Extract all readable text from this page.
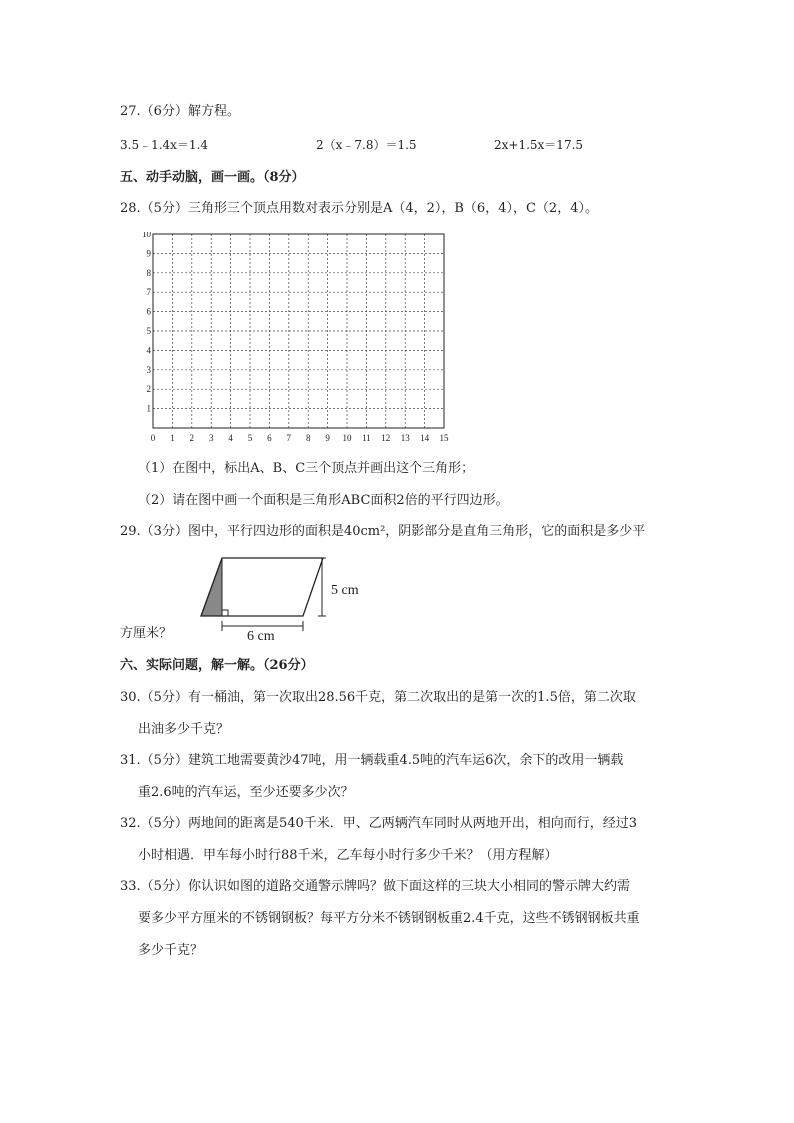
27.（6分）解方程。
3.5﹣1.4x＝1.4	2（x﹣7.8）＝1.5	2x+1.5x＝17.5
五、动手动脑，画一画。（8分）
28.（5分）三角形三个顶点用数对表示分别是A（4，2），B（6，4），C（2，4）。
0 1 2 3 4 5 6 7 8 9 10 11 12 13 14 15
1
2
3
4
5
6
7
8
9
10
（1）在图中，标出A、B、C三个顶点并画出这个三角形；
（2）请在图中画一个面积是三角形ABC面积2倍的平行四边形。
29.（3分）图中，平行四边形的面积是40cm²，阴影部分是直角三角形，它的面积是多少平
5 cm
6 cm
方厘米？
六、实际问题，解一解。（26分）
30.（5分）有一桶油，第一次取出28.56千克，第二次取出的是第一次的1.5倍，第二次取
出油多少千克？
31.（5分）建筑工地需要黄沙47吨，用一辆载重4.5吨的汽车运6次，余下的改用一辆载
重2.6吨的汽车运，至少还要多少次？
32.（5分）两地间的距离是540千米．甲、乙两辆汽车同时从两地开出，相向而行，经过3
小时相遇．甲车每小时行88千米，乙车每小时行多少千米？（用方程解）
33.（5分）你认识如图的道路交通警示牌吗？做下面这样的三块大小相同的警示牌大约需
要多少平方厘米的不锈钢钢板？每平方分米不锈钢钢板重2.4千克，这些不锈钢钢板共重
多少千克？
